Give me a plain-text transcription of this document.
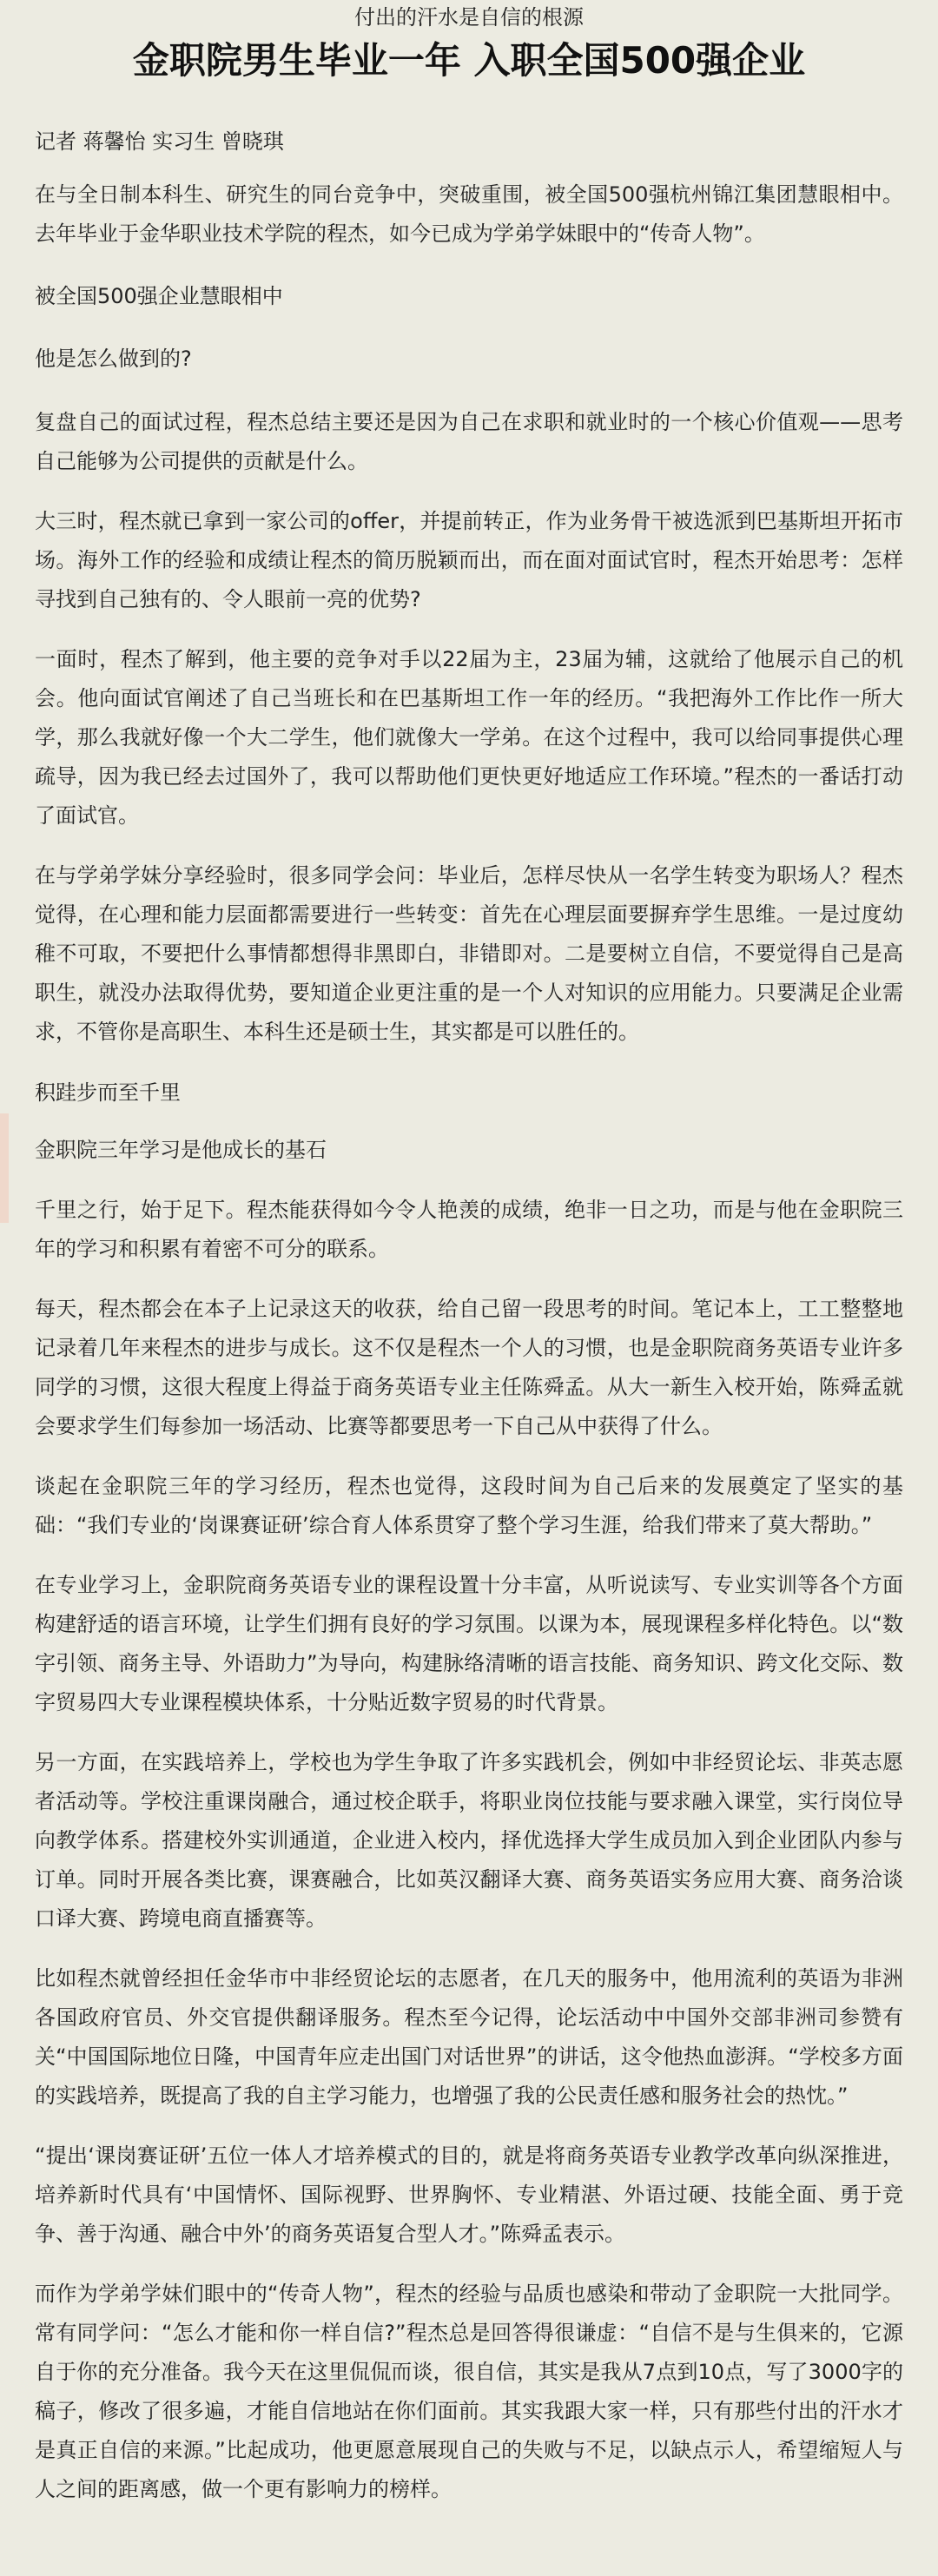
付出的汗水是自信的根源
金职院男生毕业一年 入职全国500强企业

记者 蒋馨怡 实习生 曾晓琪

在与全日制本科生、研究生的同台竞争中，突破重围，被全国500强杭州锦江集团慧眼相中。去年毕业于金华职业技术学院的程杰，如今已成为学弟学妹眼中的“传奇人物”。

被全国500强企业慧眼相中

他是怎么做到的?

复盘自己的面试过程，程杰总结主要还是因为自己在求职和就业时的一个核心价值观——思考自己能够为公司提供的贡献是什么。

大三时，程杰就已拿到一家公司的offer，并提前转正，作为业务骨干被选派到巴基斯坦开拓市场。海外工作的经验和成绩让程杰的简历脱颖而出，而在面对面试官时，程杰开始思考：怎样寻找到自己独有的、令人眼前一亮的优势?

一面时，程杰了解到，他主要的竞争对手以22届为主，23届为辅，这就给了他展示自己的机会。他向面试官阐述了自己当班长和在巴基斯坦工作一年的经历。“我把海外工作比作一所大学，那么我就好像一个大二学生，他们就像大一学弟。在这个过程中，我可以给同事提供心理疏导，因为我已经去过国外了，我可以帮助他们更快更好地适应工作环境。”程杰的一番话打动了面试官。

在与学弟学妹分享经验时，很多同学会问：毕业后，怎样尽快从一名学生转变为职场人？程杰觉得，在心理和能力层面都需要进行一些转变：首先在心理层面要摒弃学生思维。一是过度幼稚不可取，不要把什么事情都想得非黑即白，非错即对。二是要树立自信，不要觉得自己是高职生，就没办法取得优势，要知道企业更注重的是一个人对知识的应用能力。只要满足企业需求，不管你是高职生、本科生还是硕士生，其实都是可以胜任的。

积跬步而至千里

金职院三年学习是他成长的基石

千里之行，始于足下。程杰能获得如今令人艳羡的成绩，绝非一日之功，而是与他在金职院三年的学习和积累有着密不可分的联系。

每天，程杰都会在本子上记录这天的收获，给自己留一段思考的时间。笔记本上，工工整整地记录着几年来程杰的进步与成长。这不仅是程杰一个人的习惯，也是金职院商务英语专业许多同学的习惯，这很大程度上得益于商务英语专业主任陈舜孟。从大一新生入校开始，陈舜孟就会要求学生们每参加一场活动、比赛等都要思考一下自己从中获得了什么。

谈起在金职院三年的学习经历，程杰也觉得，这段时间为自己后来的发展奠定了坚实的基础：“我们专业的‘岗课赛证研’综合育人体系贯穿了整个学习生涯，给我们带来了莫大帮助。”

在专业学习上，金职院商务英语专业的课程设置十分丰富，从听说读写、专业实训等各个方面构建舒适的语言环境，让学生们拥有良好的学习氛围。以课为本，展现课程多样化特色。以“数字引领、商务主导、外语助力”为导向，构建脉络清晰的语言技能、商务知识、跨文化交际、数字贸易四大专业课程模块体系，十分贴近数字贸易的时代背景。

另一方面，在实践培养上，学校也为学生争取了许多实践机会，例如中非经贸论坛、非英志愿者活动等。学校注重课岗融合，通过校企联手，将职业岗位技能与要求融入课堂，实行岗位导向教学体系。搭建校外实训通道，企业进入校内，择优选择大学生成员加入到企业团队内参与订单。同时开展各类比赛，课赛融合，比如英汉翻译大赛、商务英语实务应用大赛、商务洽谈口译大赛、跨境电商直播赛等。

比如程杰就曾经担任金华市中非经贸论坛的志愿者，在几天的服务中，他用流利的英语为非洲各国政府官员、外交官提供翻译服务。程杰至今记得，论坛活动中中国外交部非洲司参赞有关“中国国际地位日隆，中国青年应走出国门对话世界”的讲话，这令他热血澎湃。“学校多方面的实践培养，既提高了我的自主学习能力，也增强了我的公民责任感和服务社会的热忱。”

“提出‘课岗赛证研’五位一体人才培养模式的目的，就是将商务英语专业教学改革向纵深推进，培养新时代具有‘中国情怀、国际视野、世界胸怀、专业精湛、外语过硬、技能全面、勇于竞争、善于沟通、融合中外’的商务英语复合型人才。”陈舜孟表示。

而作为学弟学妹们眼中的“传奇人物”，程杰的经验与品质也感染和带动了金职院一大批同学。常有同学问：“怎么才能和你一样自信?”程杰总是回答得很谦虚：“自信不是与生俱来的，它源自于你的充分准备。我今天在这里侃侃而谈，很自信，其实是我从7点到10点，写了3000字的稿子，修改了很多遍，才能自信地站在你们面前。其实我跟大家一样，只有那些付出的汗水才是真正自信的来源。”比起成功，他更愿意展现自己的失败与不足，以缺点示人，希望缩短人与人之间的距离感，做一个更有影响力的榜样。
